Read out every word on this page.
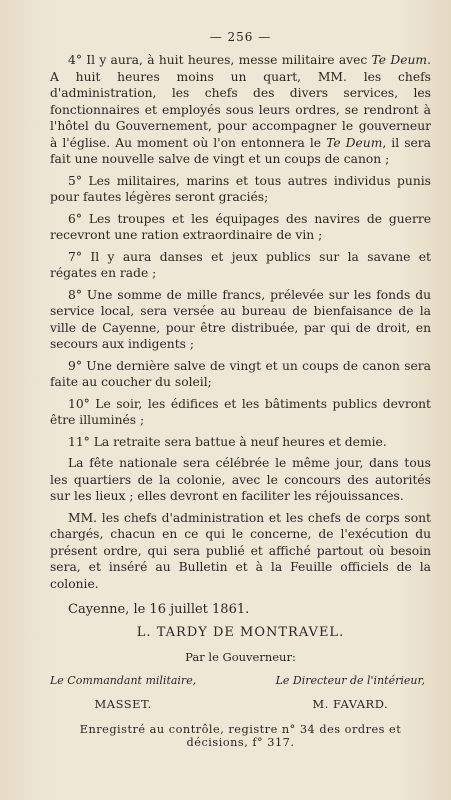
— 256 —

4° Il y aura, à huit heures, messe militaire avec Te Deum. A huit heures moins un quart, MM. les chefs d'administration, les chefs des divers services, les fonctionnaires et employés sous leurs ordres, se rendront à l'hôtel du Gouvernement, pour accompagner le gouverneur à l'église. Au moment où l'on entonnera le Te Deum, il sera fait une nouvelle salve de vingt et un coups de canon ;

5° Les militaires, marins et tous autres individus punis pour fautes légères seront graciés;

6° Les troupes et les équipages des navires de guerre recevront une ration extraordinaire de vin ;

7° Il y aura danses et jeux publics sur la savane et régates en rade ;

8° Une somme de mille francs, prélevée sur les fonds du service local, sera versée au bureau de bienfaisance de la ville de Cayenne, pour être distribuée, par qui de droit, en secours aux indigents ;

9° Une dernière salve de vingt et un coups de canon sera faite au coucher du soleil;

10° Le soir, les édifices et les bâtiments publics devront être illuminés ;

11° La retraite sera battue à neuf heures et demie.

La fête nationale sera célébrée le même jour, dans tous les quartiers de la colonie, avec le concours des autorités sur les lieux ; elles devront en faciliter les réjouissances.

MM. les chefs d'administration et les chefs de corps sont chargés, chacun en ce qui le concerne, de l'exécution du présent ordre, qui sera publié et affiché partout où besoin sera, et inséré au Bulletin et à la Feuille officiels de la colonie.

Cayenne, le 16 juillet 1861.
L. TARDY DE MONTRAVEL.
Par le Gouverneur:
Le Commandant militaire,
MASSET.
Le Directeur de l'intérieur,
M. FAVARD.
Enregistré au contrôle, registre n° 34 des ordres et décisions, f° 317.
